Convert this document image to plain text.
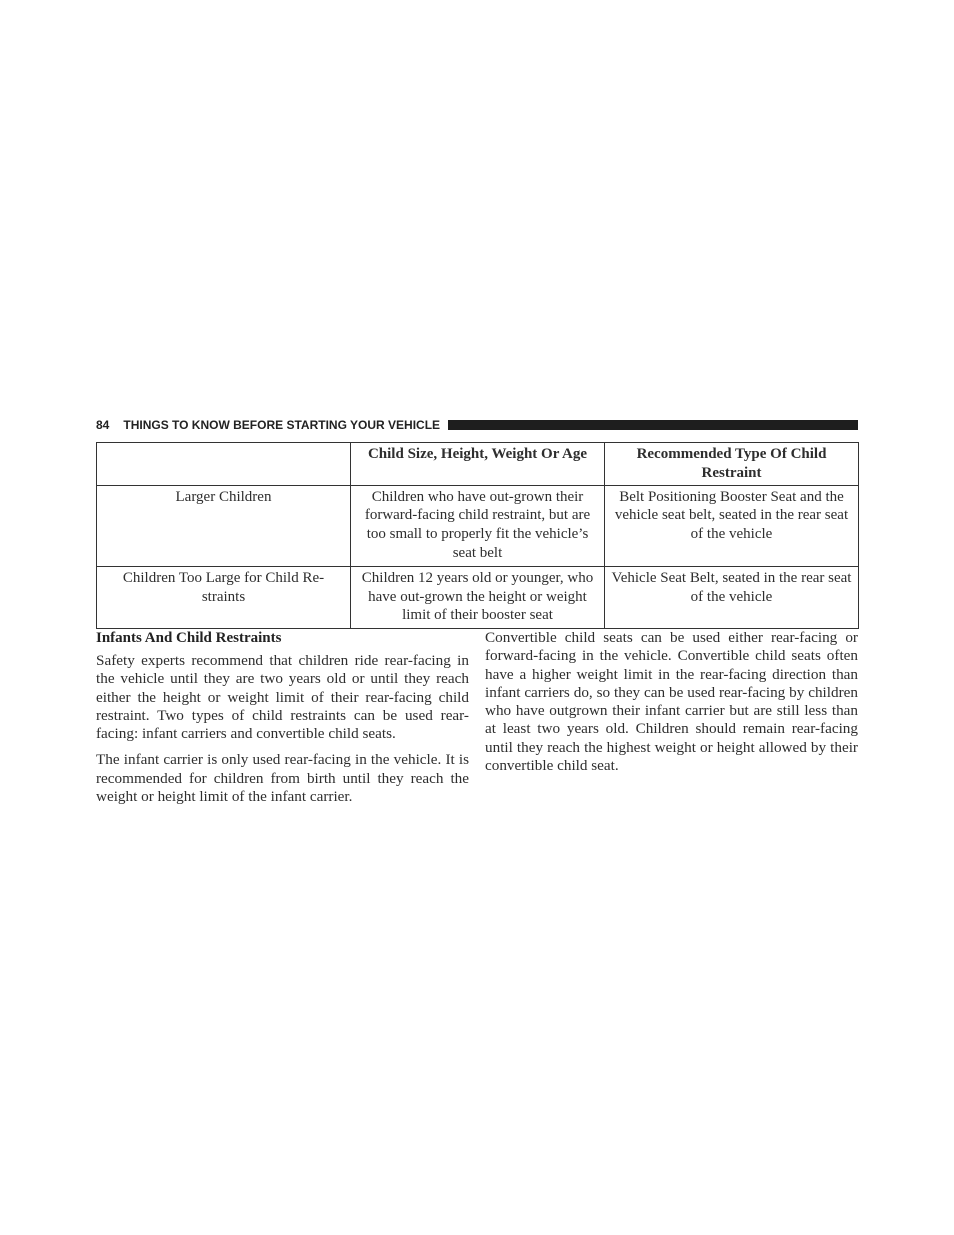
84 THINGS TO KNOW BEFORE STARTING YOUR VEHICLE
	Child Size, Height, Weight Or Age	Recommended Type Of Child Restraint
Larger Children	Children who have out-grown their forward-facing child restraint, but are too small to properly fit the vehicle’s seat belt	Belt Positioning Booster Seat and the vehicle seat belt, seated in the rear seat of the vehicle
Children Too Large for Child Re-straints	Children 12 years old or younger, who have out-grown the height or weight limit of their booster seat	Vehicle Seat Belt, seated in the rear seat of the vehicle
Infants And Child Restraints

Safety experts recommend that children ride rear-facing in the vehicle until they are two years old or until they reach either the height or weight limit of their rear-facing child restraint. Two types of child restraints can be used rear-facing: infant carriers and convertible child seats.

The infant carrier is only used rear-facing in the vehicle. It is recommended for children from birth until they reach the weight or height limit of the infant carrier.

Convertible child seats can be used either rear-facing or forward-facing in the vehicle. Convertible child seats often have a higher weight limit in the rear-facing direction than infant carriers do, so they can be used rear-facing by children who have outgrown their infant carrier but are still less than at least two years old. Children should remain rear-facing until they reach the highest weight or height allowed by their convertible child seat.
